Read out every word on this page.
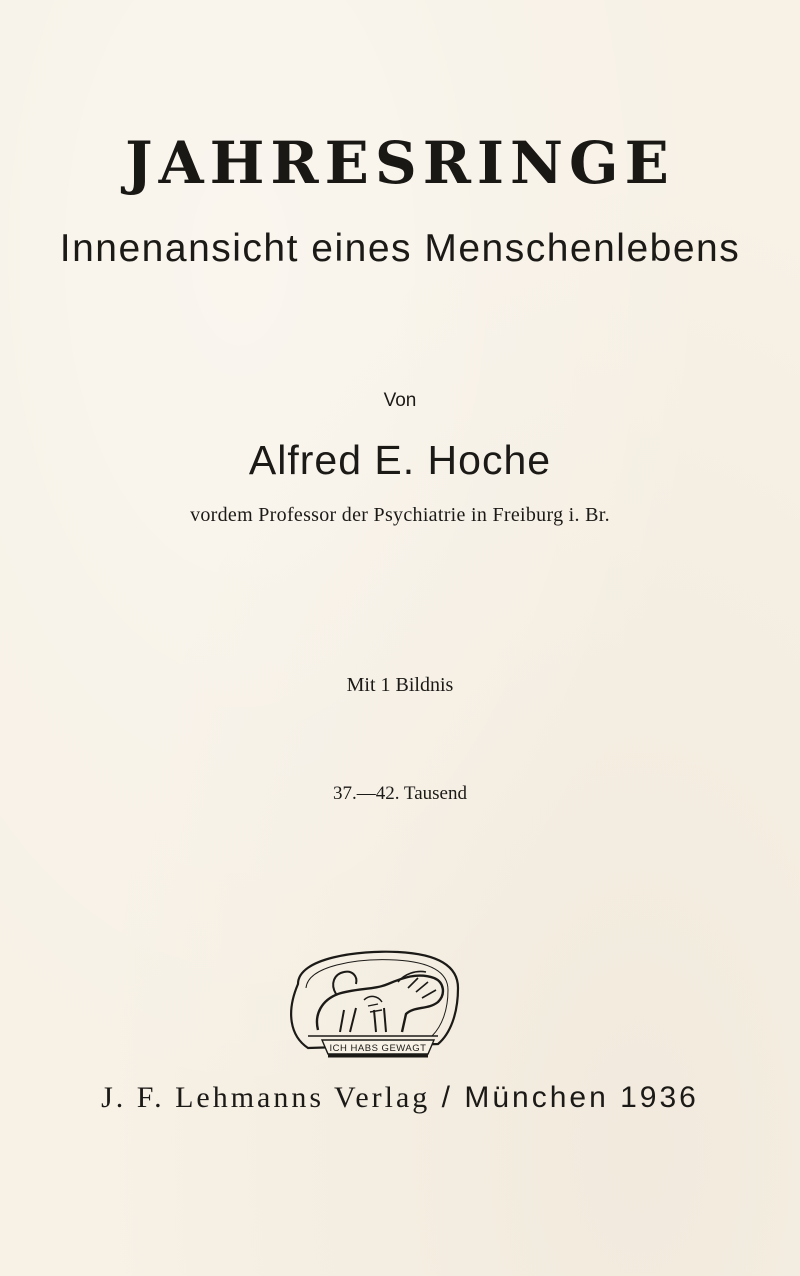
JAHRESRINGE
Innenansicht eines Menschenlebens
Von
Alfred E. Hoche
vordem Professor der Psychiatrie in Freiburg i. Br.
Mit 1 Bildnis
37.—42. Tausend
ICH HABS GEWAGT
J. F. Lehmanns Verlag / München 1936
